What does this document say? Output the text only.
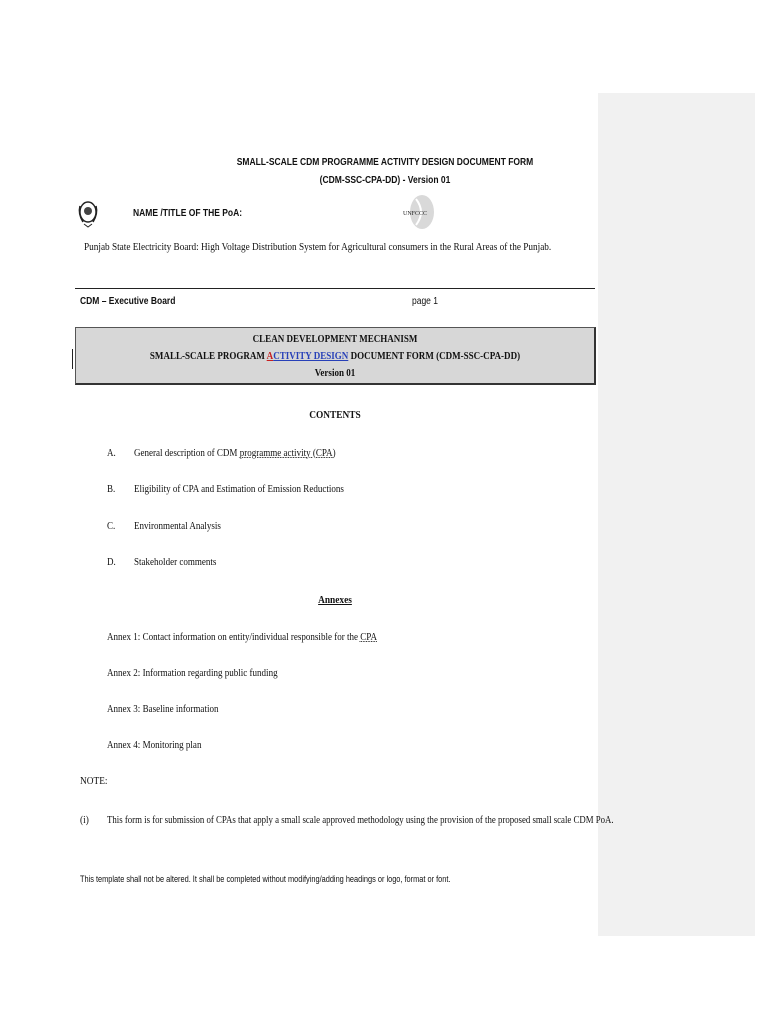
SMALL-SCALE CDM PROGRAMME ACTIVITY DESIGN DOCUMENT FORM
(CDM-SSC-CPA-DD) - Version 01
NAME /TITLE OF THE PoA:	UNFCCC
Punjab State Electricity Board: High Voltage Distribution System for Agricultural consumers in the Rural Areas of the Punjab.
CDM – Executive Board	page 1
CLEAN DEVELOPMENT MECHANISM
SMALL-SCALE PROGRAM ACTIVITY DESIGN DOCUMENT FORM (CDM-SSC-CPA-DD)
Version 01
CONTENTS
A. General description of CDM programme activity (CPA)
B. Eligibility of CPA and Estimation of Emission Reductions
C. Environmental Analysis
D. Stakeholder comments
Annexes
Annex 1: Contact information on entity/individual responsible for the CPA
Annex 2: Information regarding public funding
Annex 3: Baseline information
Annex 4: Monitoring plan
NOTE:
(i) This form is for submission of CPAs that apply a small scale approved methodology using the provision of the proposed small scale CDM PoA.
This template shall not be altered. It shall be completed without modifying/adding headings or logo, format or font.
